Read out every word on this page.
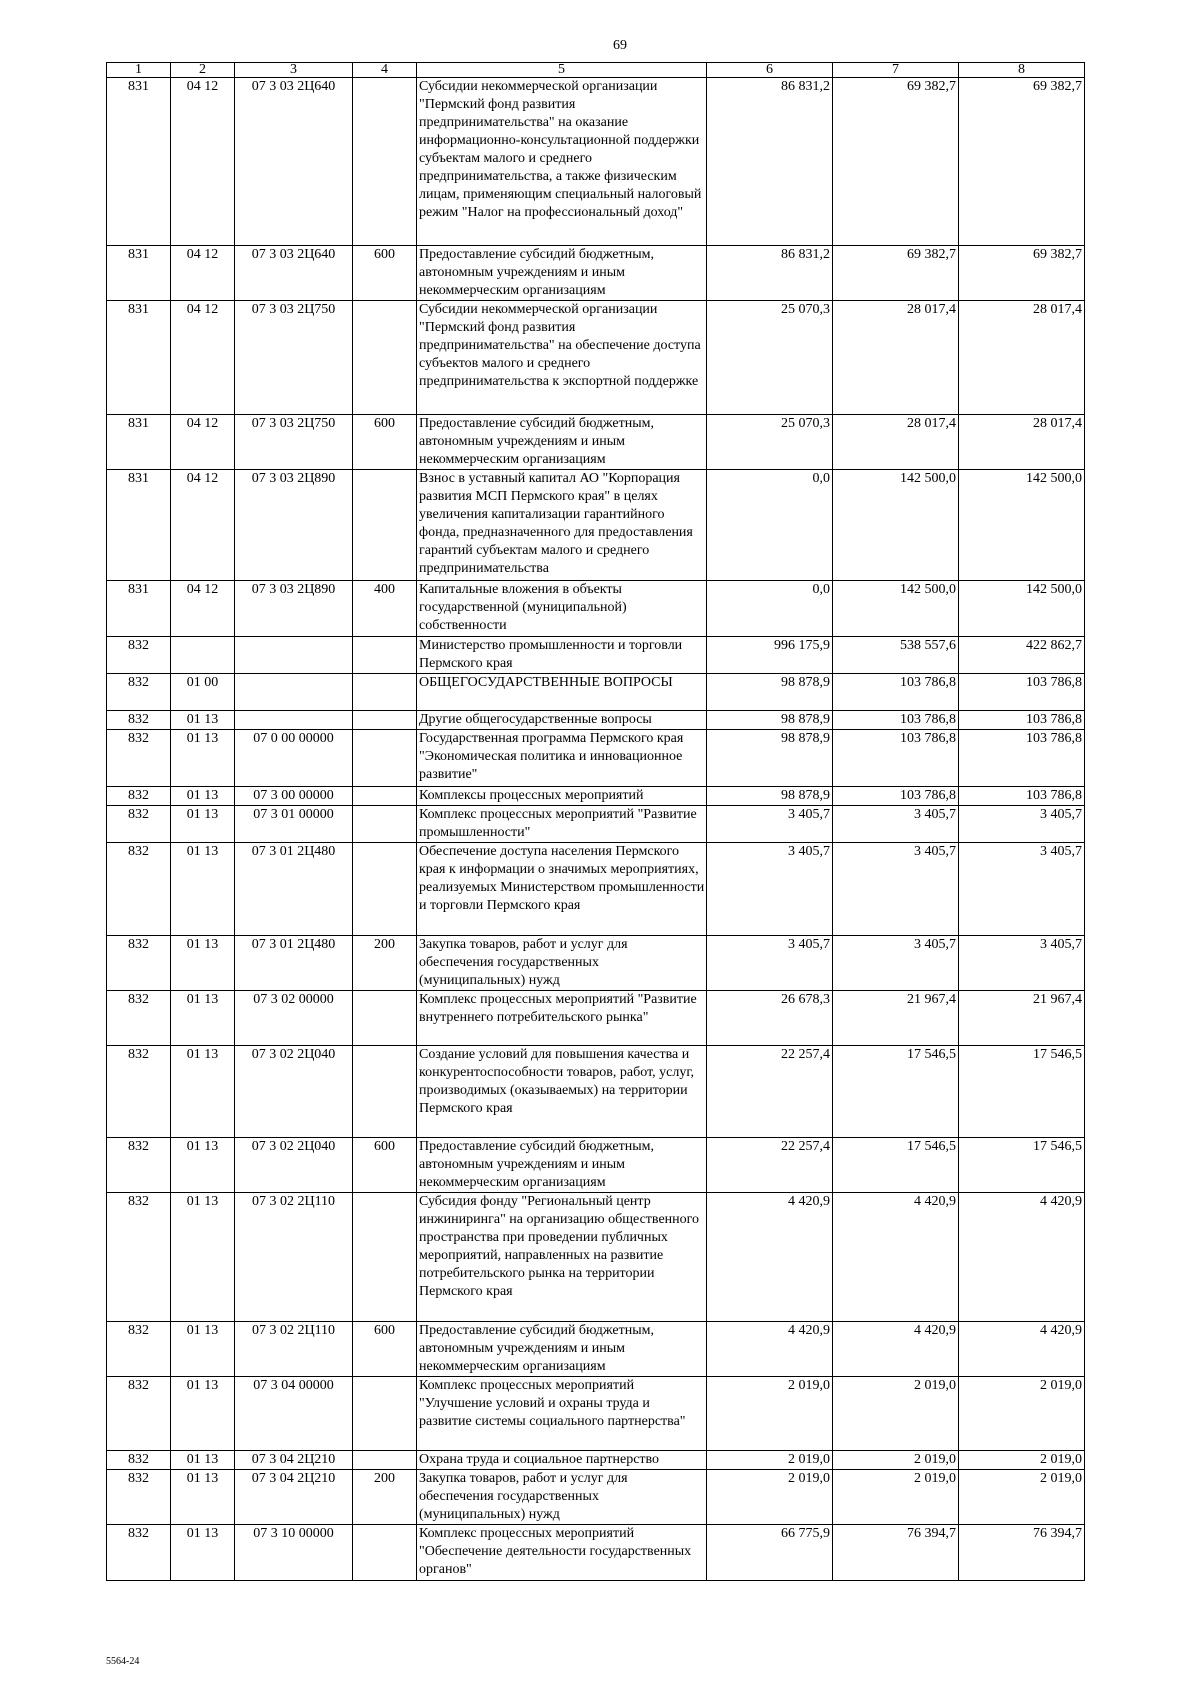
69
1	2	3	4	5	6	7	8
831	04 12	07 3 03 2Ц640		Субсидии некоммерческой организации "Пермский фонд развития предпринимательства" на оказание информационно-консультационной поддержки субъектам малого и среднего предпринимательства, а также физическим лицам, применяющим специальный налоговый режим "Налог на профессиональный доход"	86 831,2	69 382,7	69 382,7
831	04 12	07 3 03 2Ц640	600	Предоставление субсидий бюджетным, автономным учреждениям и иным некоммерческим организациям	86 831,2	69 382,7	69 382,7
831	04 12	07 3 03 2Ц750		Субсидии некоммерческой организации "Пермский фонд развития предпринимательства" на обеспечение доступа субъектов малого и среднего предпринимательства к экспортной поддержке	25 070,3	28 017,4	28 017,4
831	04 12	07 3 03 2Ц750	600	Предоставление субсидий бюджетным, автономным учреждениям и иным некоммерческим организациям	25 070,3	28 017,4	28 017,4
831	04 12	07 3 03 2Ц890		Взнос в уставный капитал АО "Корпорация развития МСП Пермского края" в целях увеличения капитализации гарантийного фонда, предназначенного для предоставления гарантий субъектам малого и среднего предпринимательства	0,0	142 500,0	142 500,0
831	04 12	07 3 03 2Ц890	400	Капитальные вложения в объекты государственной (муниципальной) собственности	0,0	142 500,0	142 500,0
832				Министерство промышленности и торговли Пермского края	996 175,9	538 557,6	422 862,7
832	01 00			ОБЩЕГОСУДАРСТВЕННЫЕ ВОПРОСЫ	98 878,9	103 786,8	103 786,8
832	01 13			Другие общегосударственные вопросы	98 878,9	103 786,8	103 786,8
832	01 13	07 0 00 00000		Государственная программа Пермского края "Экономическая политика и инновационное развитие"	98 878,9	103 786,8	103 786,8
832	01 13	07 3 00 00000		Комплексы процессных мероприятий	98 878,9	103 786,8	103 786,8
832	01 13	07 3 01 00000		Комплекс процессных мероприятий "Развитие промышленности"	3 405,7	3 405,7	3 405,7
832	01 13	07 3 01 2Ц480		Обеспечение доступа населения Пермского края к информации о значимых мероприятиях, реализуемых Министерством промышленности и торговли Пермского края	3 405,7	3 405,7	3 405,7
832	01 13	07 3 01 2Ц480	200	Закупка товаров, работ и услуг для обеспечения государственных (муниципальных) нужд	3 405,7	3 405,7	3 405,7
832	01 13	07 3 02 00000		Комплекс процессных мероприятий "Развитие внутреннего потребительского рынка"	26 678,3	21 967,4	21 967,4
832	01 13	07 3 02 2Ц040		Создание условий для повышения качества и конкурентоспособности товаров, работ, услуг, производимых (оказываемых) на территории Пермского края	22 257,4	17 546,5	17 546,5
832	01 13	07 3 02 2Ц040	600	Предоставление субсидий бюджетным, автономным учреждениям и иным некоммерческим организациям	22 257,4	17 546,5	17 546,5
832	01 13	07 3 02 2Ц110		Субсидия фонду "Региональный центр инжиниринга" на организацию общественного пространства при проведении публичных мероприятий, направленных на развитие потребительского рынка на территории Пермского края	4 420,9	4 420,9	4 420,9
832	01 13	07 3 02 2Ц110	600	Предоставление субсидий бюджетным, автономным учреждениям и иным некоммерческим организациям	4 420,9	4 420,9	4 420,9
832	01 13	07 3 04 00000		Комплекс процессных мероприятий "Улучшение условий и охраны труда и развитие системы социального партнерства"	2 019,0	2 019,0	2 019,0
832	01 13	07 3 04 2Ц210		Охрана труда и социальное партнерство	2 019,0	2 019,0	2 019,0
832	01 13	07 3 04 2Ц210	200	Закупка товаров, работ и услуг для обеспечения государственных (муниципальных) нужд	2 019,0	2 019,0	2 019,0
832	01 13	07 3 10 00000		Комплекс процессных мероприятий "Обеспечение деятельности государственных органов"	66 775,9	76 394,7	76 394,7
5564-24
